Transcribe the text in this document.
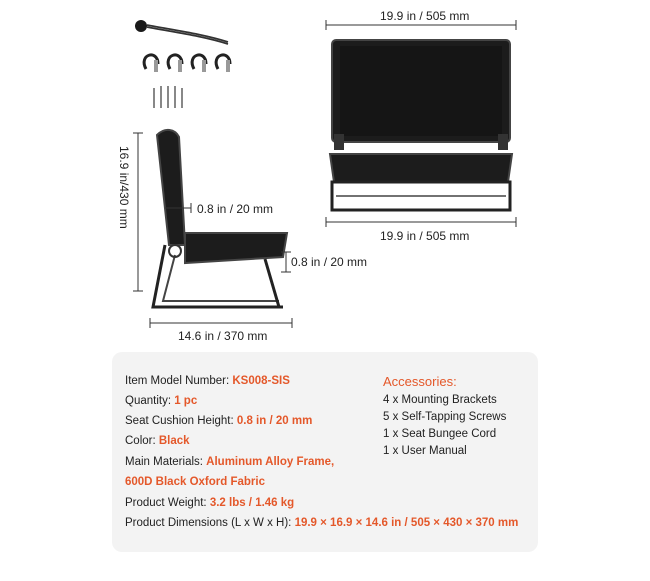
19.9 in / 505 mm
19.9 in / 505 mm
16.9 in/430 mm	0.8 in / 20 mm
0.8 in / 20 mm
14.6 in / 370 mm
Item Model Number: KS008-SIS
Quantity: 1 pc
Seat Cushion Height: 0.8 in / 20 mm
Color: Black
Main Materials: Aluminum Alloy Frame,
600D Black Oxford Fabric
Product Weight: 3.2 lbs / 1.46 kg
Product Dimensions (L x W x H): 19.9 × 16.9 × 14.6 in / 505 × 430 × 370 mm
Accessories:
4 x Mounting Brackets
5 x Self-Tapping Screws
1 x Seat Bungee Cord
1 x User Manual
